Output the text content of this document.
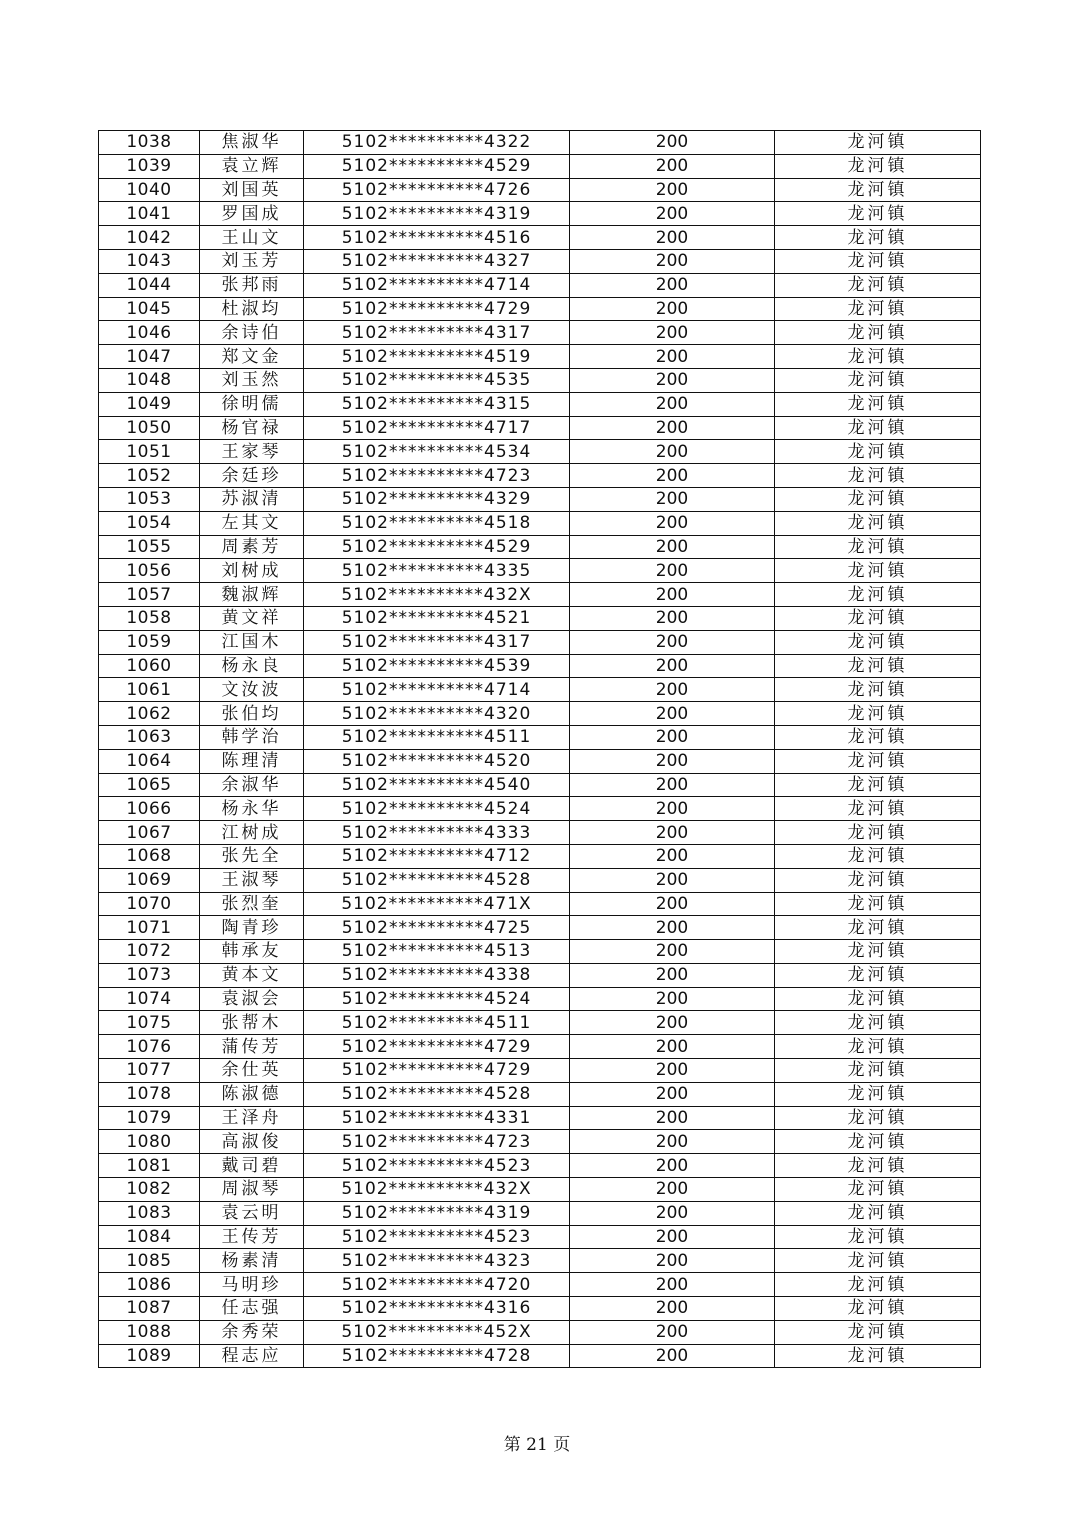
1038	焦淑华	5102**********4322	200	龙河镇
1039	袁立辉	5102**********4529	200	龙河镇
1040	刘国英	5102**********4726	200	龙河镇
1041	罗国成	5102**********4319	200	龙河镇
1042	王山文	5102**********4516	200	龙河镇
1043	刘玉芳	5102**********4327	200	龙河镇
1044	张邦雨	5102**********4714	200	龙河镇
1045	杜淑均	5102**********4729	200	龙河镇
1046	余诗伯	5102**********4317	200	龙河镇
1047	郑文金	5102**********4519	200	龙河镇
1048	刘玉然	5102**********4535	200	龙河镇
1049	徐明儒	5102**********4315	200	龙河镇
1050	杨官禄	5102**********4717	200	龙河镇
1051	王家琴	5102**********4534	200	龙河镇
1052	余廷珍	5102**********4723	200	龙河镇
1053	苏淑清	5102**********4329	200	龙河镇
1054	左其文	5102**********4518	200	龙河镇
1055	周素芳	5102**********4529	200	龙河镇
1056	刘树成	5102**********4335	200	龙河镇
1057	魏淑辉	5102**********432X	200	龙河镇
1058	黄文祥	5102**********4521	200	龙河镇
1059	江国木	5102**********4317	200	龙河镇
1060	杨永良	5102**********4539	200	龙河镇
1061	文汝波	5102**********4714	200	龙河镇
1062	张伯均	5102**********4320	200	龙河镇
1063	韩学治	5102**********4511	200	龙河镇
1064	陈理清	5102**********4520	200	龙河镇
1065	余淑华	5102**********4540	200	龙河镇
1066	杨永华	5102**********4524	200	龙河镇
1067	江树成	5102**********4333	200	龙河镇
1068	张先全	5102**********4712	200	龙河镇
1069	王淑琴	5102**********4528	200	龙河镇
1070	张烈奎	5102**********471X	200	龙河镇
1071	陶青珍	5102**********4725	200	龙河镇
1072	韩承友	5102**********4513	200	龙河镇
1073	黄本文	5102**********4338	200	龙河镇
1074	袁淑会	5102**********4524	200	龙河镇
1075	张帮木	5102**********4511	200	龙河镇
1076	蒲传芳	5102**********4729	200	龙河镇
1077	余仕英	5102**********4729	200	龙河镇
1078	陈淑德	5102**********4528	200	龙河镇
1079	王泽舟	5102**********4331	200	龙河镇
1080	高淑俊	5102**********4723	200	龙河镇
1081	戴司碧	5102**********4523	200	龙河镇
1082	周淑琴	5102**********432X	200	龙河镇
1083	袁云明	5102**********4319	200	龙河镇
1084	王传芳	5102**********4523	200	龙河镇
1085	杨素清	5102**********4323	200	龙河镇
1086	马明珍	5102**********4720	200	龙河镇
1087	任志强	5102**********4316	200	龙河镇
1088	余秀荣	5102**********452X	200	龙河镇
1089	程志应	5102**********4728	200	龙河镇
第 21 页
